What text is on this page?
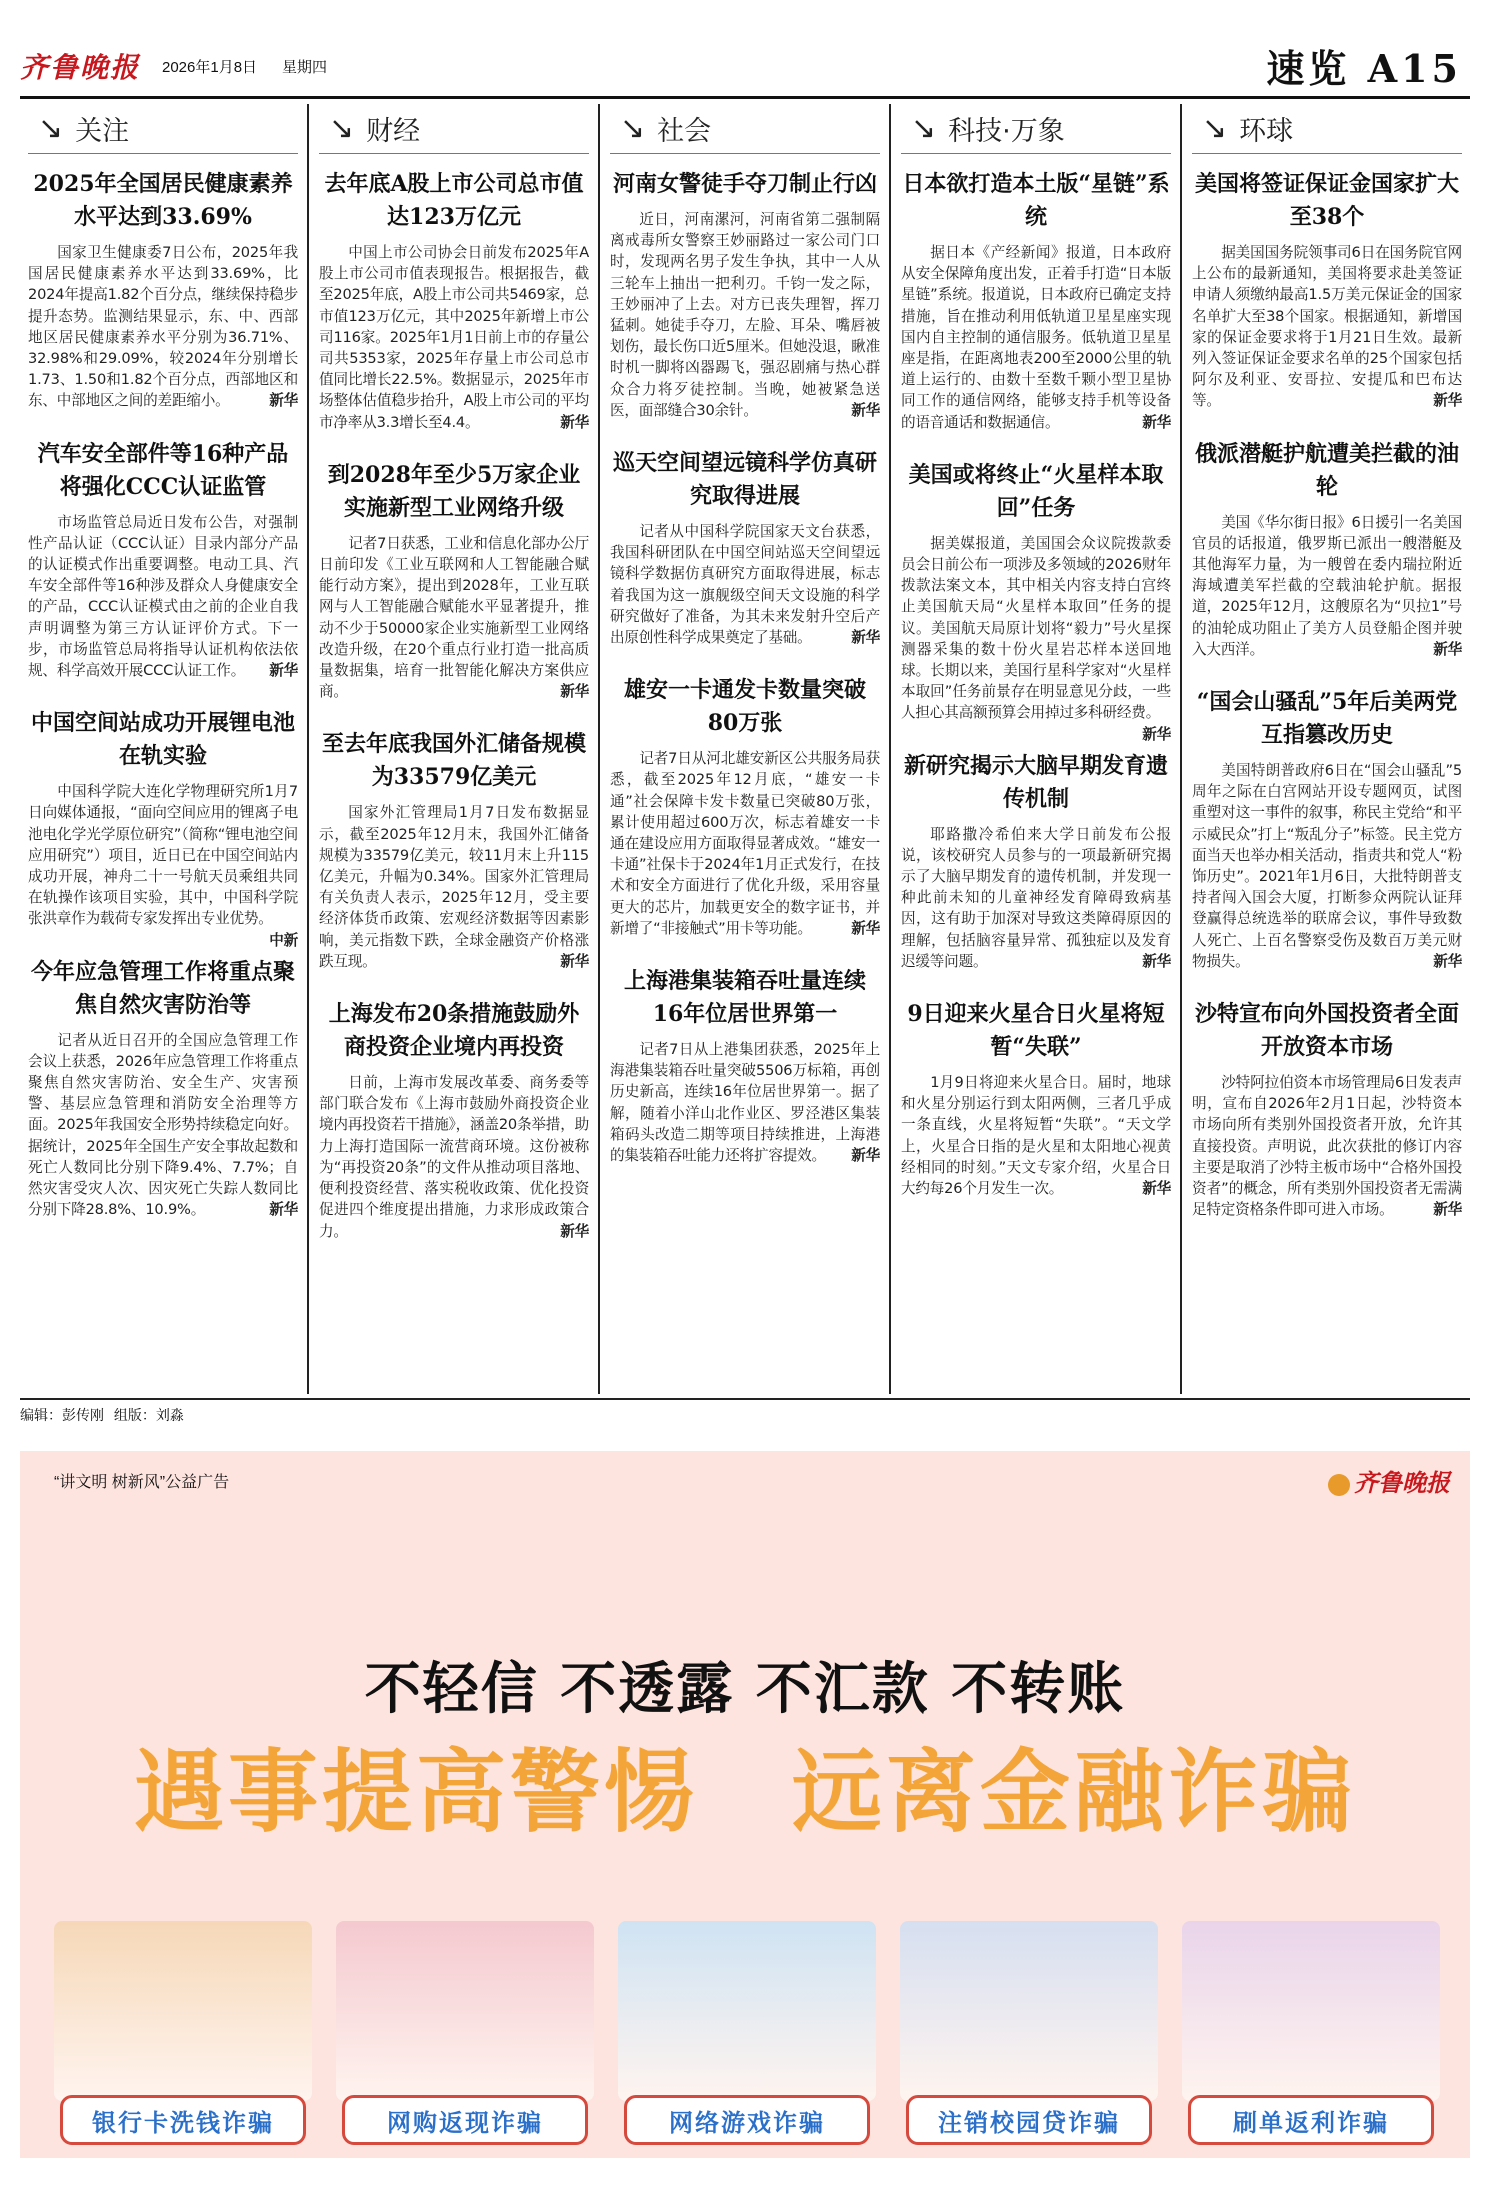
齐鲁晚报 2026年1月8日 星期四	速览 A15
↘ 关注
2025年全国居民健康素养水平达到33.69%

国家卫生健康委7日公布，2025年我国居民健康素养水平达到33.69%，比2024年提高1.82个百分点，继续保持稳步提升态势。监测结果显示，东、中、西部地区居民健康素养水平分别为36.71%、32.98%和29.09%，较2024年分别增长1.73、1.50和1.82个百分点，西部地区和东、中部地区之间的差距缩小。	新华

汽车安全部件等16种产品将强化CCC认证监管

市场监管总局近日发布公告，对强制性产品认证（CCC认证）目录内部分产品的认证模式作出重要调整。电动工具、汽车安全部件等16种涉及群众人身健康安全的产品，CCC认证模式由之前的企业自我声明调整为第三方认证评价方式。下一步，市场监管总局将指导认证机构依法依规、科学高效开展CCC认证工作。 新华

中国空间站成功开展锂电池在轨实验

中国科学院大连化学物理研究所1月7日向媒体通报，“面向空间应用的锂离子电池电化学光学原位研究”（简称“锂电池空间应用研究”）项目，近日已在中国空间站内成功开展，神舟二十一号航天员乘组共同在轨操作该项目实验，其中，中国科学院张洪章作为载荷专家发挥出专业优势。
中新

今年应急管理工作将重点聚焦自然灾害防治等

记者从近日召开的全国应急管理工作会议上获悉，2026年应急管理工作将重点聚焦自然灾害防治、安全生产、灾害预警、基层应急管理和消防安全治理等方面。2025年我国安全形势持续稳定向好。据统计，2025年全国生产安全事故起数和死亡人数同比分别下降9.4%、7.7%；自然灾害受灾人次、因灾死亡失踪人数同比分别下降28.8%、10.9%。	新华

↘ 财经
去年底A股上市公司总市值达123万亿元

中国上市公司协会日前发布2025年A股上市公司市值表现报告。根据报告，截至2025年底，A股上市公司共5469家，总市值123万亿元，其中2025年新增上市公司116家。2025年1月1日前上市的存量公司共5353家，2025年存量上市公司总市值同比增长22.5%。数据显示，2025年市场整体估值稳步抬升，A股上市公司的平均市净率从3.3增长至4.4。	新华

到2028年至少5万家企业实施新型工业网络升级

记者7日获悉，工业和信息化部办公厅日前印发《工业互联网和人工智能融合赋能行动方案》，提出到2028年，工业互联网与人工智能融合赋能水平显著提升，推动不少于50000家企业实施新型工业网络改造升级，在20个重点行业打造一批高质量数据集，培育一批智能化解决方案供应商。	新华

至去年底我国外汇储备规模为33579亿美元

国家外汇管理局1月7日发布数据显示，截至2025年12月末，我国外汇储备规模为33579亿美元，较11月末上升115亿美元，升幅为0.34%。国家外汇管理局有关负责人表示，2025年12月，受主要经济体货币政策、宏观经济数据等因素影响，美元指数下跌，全球金融资产价格涨跌互现。	新华

上海发布20条措施鼓励外商投资企业境内再投资

日前，上海市发展改革委、商务委等部门联合发布《上海市鼓励外商投资企业境内再投资若干措施》，涵盖20条举措，助力上海打造国际一流营商环境。这份被称为“再投资20条”的文件从推动项目落地、便利投资经营、落实税收政策、优化投资促进四个维度提出措施，力求形成政策合力。	新华

↘ 社会
河南女警徒手夺刀制止行凶

近日，河南漯河，河南省第二强制隔离戒毒所女警察王妙丽路过一家公司门口时，发现两名男子发生争执，其中一人从三轮车上抽出一把利刃。千钧一发之际，王妙丽冲了上去。对方已丧失理智，挥刀猛刺。她徒手夺刀，左脸、耳朵、嘴唇被划伤，最长伤口近5厘米。但她没退，瞅准时机一脚将凶器踢飞，强忍剧痛与热心群众合力将歹徒控制。当晚，她被紧急送医，面部缝合30余针。	新华

巡天空间望远镜科学仿真研究取得进展

记者从中国科学院国家天文台获悉，我国科研团队在中国空间站巡天空间望远镜科学数据仿真研究方面取得进展，标志着我国为这一旗舰级空间天文设施的科学研究做好了准备，为其未来发射升空后产出原创性科学成果奠定了基础。	新华

雄安一卡通发卡数量突破80万张

记者7日从河北雄安新区公共服务局获悉，截至2025年12月底，“雄安一卡通”社会保障卡发卡数量已突破80万张，累计使用超过600万次，标志着雄安一卡通在建设应用方面取得显著成效。“雄安一卡通”社保卡于2024年1月正式发行，在技术和安全方面进行了优化升级，采用容量更大的芯片，加载更安全的数字证书，并新增了“非接触式”用卡等功能。	新华

上海港集装箱吞吐量连续16年位居世界第一

记者7日从上港集团获悉，2025年上海港集装箱吞吐量突破5506万标箱，再创历史新高，连续16年位居世界第一。据了解，随着小洋山北作业区、罗泾港区集装箱码头改造二期等项目持续推进，上海港的集装箱吞吐能力还将扩容提效。 新华

↘ 科技·万象
日本欲打造本土版“星链”系统

据日本《产经新闻》报道，日本政府从安全保障角度出发，正着手打造“日本版星链”系统。报道说，日本政府已确定支持措施，旨在推动利用低轨道卫星星座实现国内自主控制的通信服务。低轨道卫星星座是指，在距离地表200至2000公里的轨道上运行的、由数十至数千颗小型卫星协同工作的通信网络，能够支持手机等设备的语音通话和数据通信。	新华

美国或将终止“火星样本取回”任务

据美媒报道，美国国会众议院拨款委员会日前公布一项涉及多领域的2026财年拨款法案文本，其中相关内容支持白宫终止美国航天局“火星样本取回”任务的提议。美国航天局原计划将“毅力”号火星探测器采集的数十份火星岩芯样本送回地球。长期以来，美国行星科学家对“火星样本取回”任务前景存在明显意见分歧，一些人担心其高额预算会用掉过多科研经费。
新华

新研究揭示大脑早期发育遗传机制

耶路撒冷希伯来大学日前发布公报说，该校研究人员参与的一项最新研究揭示了大脑早期发育的遗传机制，并发现一种此前未知的儿童神经发育障碍致病基因，这有助于加深对导致这类障碍原因的理解，包括脑容量异常、孤独症以及发育迟缓等问题。	新华

9日迎来火星合日火星将短暂“失联”

1月9日将迎来火星合日。届时，地球和火星分别运行到太阳两侧，三者几乎成一条直线，火星将短暂“失联”。“天文学上，火星合日指的是火星和太阳地心视黄经相同的时刻。”天文专家介绍，火星合日大约每26个月发生一次。	新华

↘ 环球
美国将签证保证金国家扩大至38个

据美国国务院领事司6日在国务院官网上公布的最新通知，美国将要求赴美签证申请人须缴纳最高1.5万美元保证金的国家名单扩大至38个国家。根据通知，新增国家的保证金要求将于1月21日生效。最新列入签证保证金要求名单的25个国家包括阿尔及利亚、安哥拉、安提瓜和巴布达等。	新华

俄派潜艇护航遭美拦截的油轮

美国《华尔街日报》6日援引一名美国官员的话报道，俄罗斯已派出一艘潜艇及其他海军力量，为一艘曾在委内瑞拉附近海域遭美军拦截的空载油轮护航。据报道，2025年12月，这艘原名为“贝拉1”号的油轮成功阻止了美方人员登船企图并驶入大西洋。	新华

“国会山骚乱”5年后美两党互指篡改历史

美国特朗普政府6日在“国会山骚乱”5周年之际在白宫网站开设专题网页，试图重塑对这一事件的叙事，称民主党给“和平示威民众”打上“叛乱分子”标签。民主党方面当天也举办相关活动，指责共和党人“粉饰历史”。2021年1月6日，大批特朗普支持者闯入国会大厦，打断参众两院认证拜登赢得总统选举的联席会议，事件导致数人死亡、上百名警察受伤及数百万美元财物损失。	新华

沙特宣布向外国投资者全面开放资本市场

沙特阿拉伯资本市场管理局6日发表声明，宣布自2026年2月1日起，沙特资本市场向所有类别外国投资者开放，允许其直接投资。声明说，此次获批的修订内容主要是取消了沙特主板市场中“合格外国投资者”的概念，所有类别外国投资者无需满足特定资格条件即可进入市场。	新华

编辑：彭传刚 组版：刘淼
“讲文明 树新风”公益广告	齐鲁晚报
不轻信 不透露 不汇款 不转账
遇事提高警惕　远离金融诈骗
银行卡洗钱诈骗	网购返现诈骗	网络游戏诈骗	注销校园贷诈骗	刷单返利诈骗
